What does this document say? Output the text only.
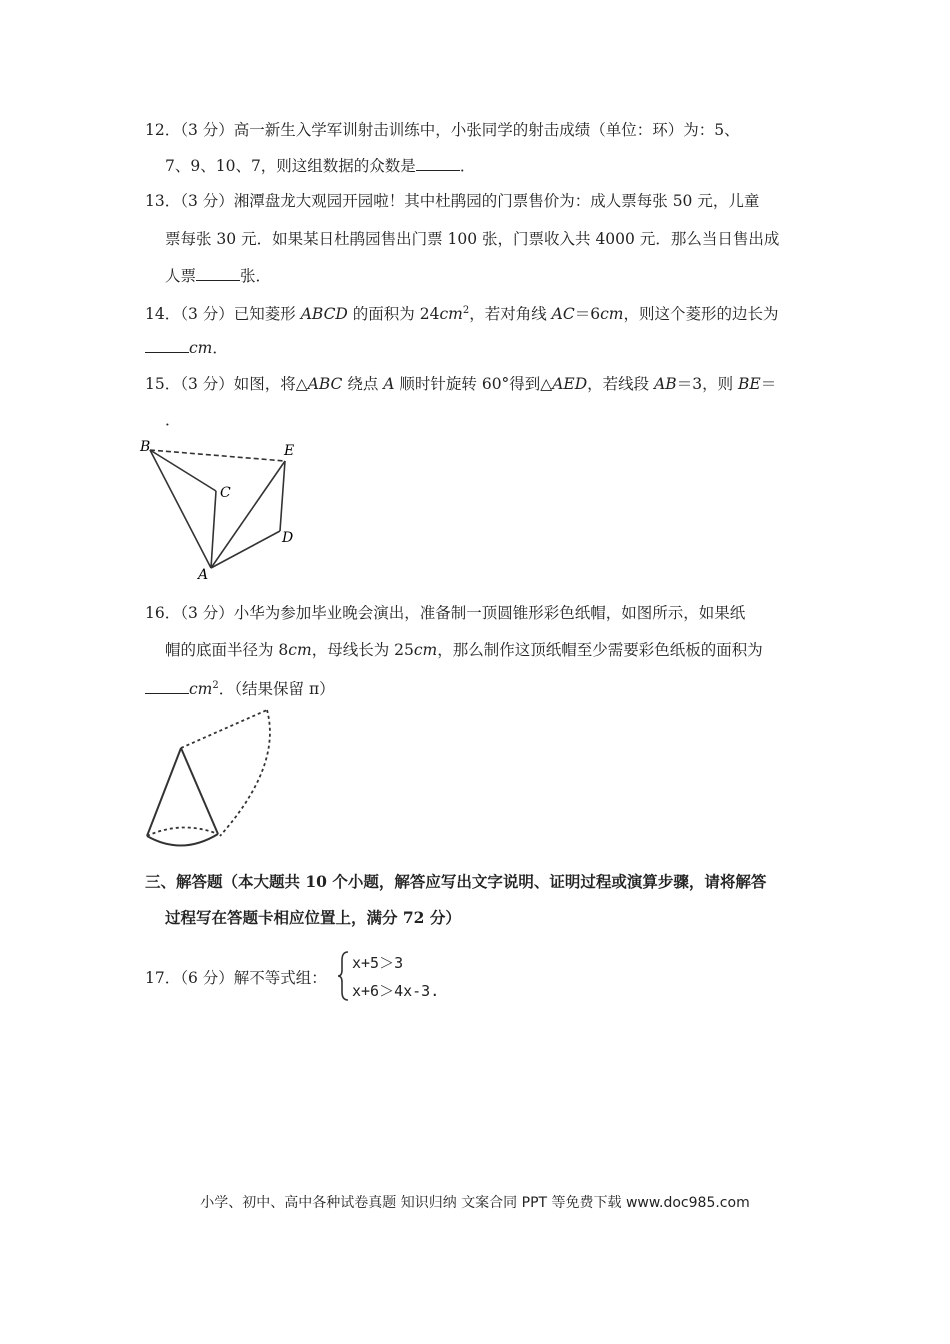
12．（3 分）高一新生入学军训射击训练中，小张同学的射击成绩（单位：环）为：5、
7、9、10、7，则这组数据的众数是	．
13．（3 分）湘潭盘龙大观园开园啦！其中杜鹃园的门票售价为：成人票每张 50 元，儿童
票每张 30 元．如果某日杜鹃园售出门票 100 张，门票收入共 4000 元．那么当日售出成
人票	张．
14．（3 分）已知菱形 ABCD 的面积为 $24cm^2$，若对角线 AC＝6cm，则这个菱形的边长为
cm．
15．（3 分）如图，将△ABC 绕点 A 顺时针旋转 60°得到△AED，若线段 AB＝3，则 BE＝
．
B	E
C
D
A
16．（3 分）小华为参加毕业晚会演出，准备制一顶圆锥形彩色纸帽，如图所示，如果纸
帽的底面半径为 8cm，母线长为 25cm，那么制作这顶纸帽至少需要彩色纸板的面积为
$cm^2$．（结果保留 π）
三、解答题（本大题共 10 个小题，解答应写出文字说明、证明过程或演算步骤，请将解答
过程写在答题卡相应位置上，满分 72 分）
17．（6 分）解不等式组：
x+5＞3
x+6＞4x-3.
小学、初中、高中各种试卷真题 知识归纳 文案合同 PPT 等免费下载 www.doc985.com
